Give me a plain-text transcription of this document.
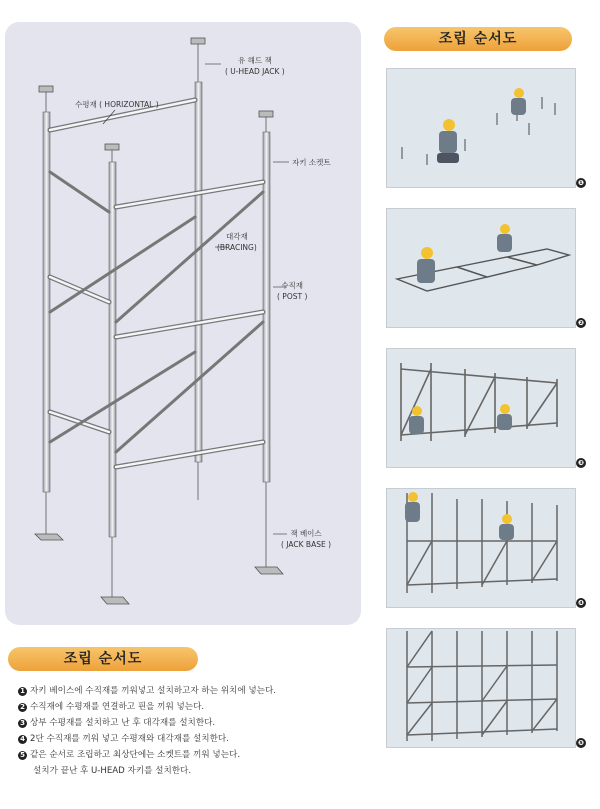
유 해드 잭
( U-HEAD JACK )
수평재 ( HORIZONTAL )
자키 소켓트
대각재
(BRACING)
수직재
( POST )
잭 베이스
( JACK BASE )
조립 순서도
❶
❷
❸
❹
❺
조립 순서도
1 자키 베이스에 수직재를 끼워넣고 설치하고자 하는 위치에 넣는다.
2 수직재에 수평재를 연결하고 핀을 끼워 넣는다.
3 상부 수평재를 설치하고 난 후 대각재를 설치한다.
4 2단 수직재를 끼워 넣고 수평재와 대각재를 설치한다.
5 같은 순서로 조립하고 최상단에는 소켓트를 끼워 넣는다.
설치가 끝난 후 U-HEAD 자키를 설치한다.
